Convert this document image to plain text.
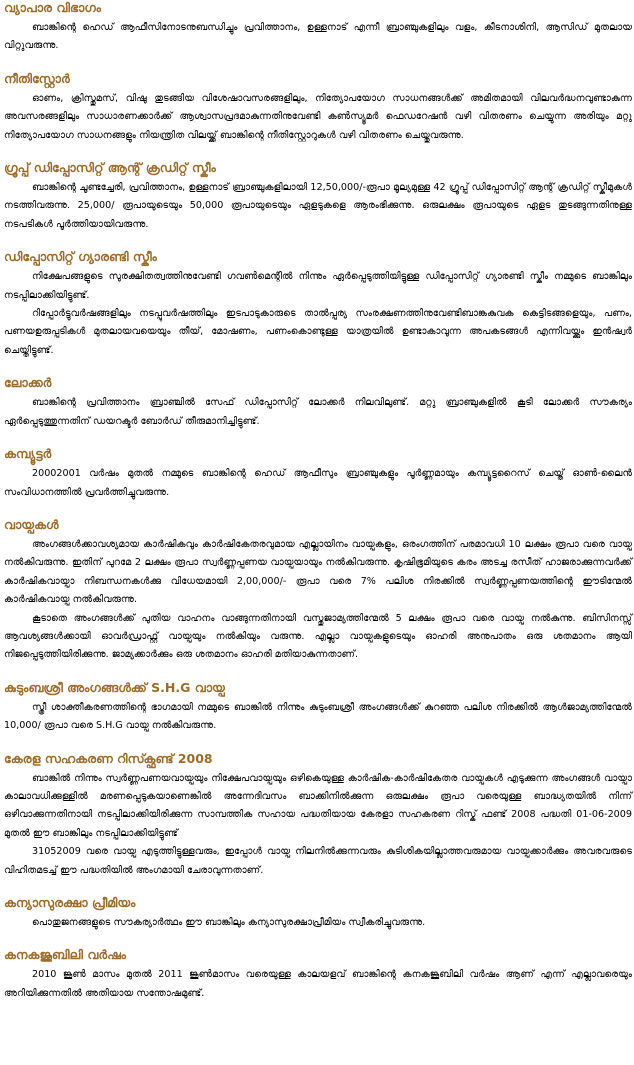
വ്യാപാര വിഭാഗം

ബാങ്കിന്റെ ഹെഡ് ആഫീസിനോടനുബന്ധിച്ചും പ്രവിത്താനം, ഉള്ളനാട് എന്നീ ബ്രാഞ്ചുകളിലും വളം, കീടനാശിനി, ആസിഡ് മുതലായ വിറ്റുവരുന്നു.

നീതിസ്റ്റോർ

ഓണം, ക്രിസ്തുമസ്, വിഷു തുടങ്ങിയ വിശേഷാവസരങ്ങളിലും, നിത്യോപയോഗ സാധനങ്ങൾക്ക് അമിതമായി വിലവർദ്ധനവുണ്ടാകുന്ന അവസരങ്ങളിലും സാധാരണക്കാർക്ക് ആശ്വാസപ്രദമാകുന്നതിനുവേണ്ടി കൺസ്യൂമർ ഫെഡറേഷൻ വഴി വിതരണം ചെയ്യുന്ന അരിയും മറ്റു നിത്യോപയോഗ സാധനങ്ങളും നിയന്ത്രിത വിലയ്ക്ക് ബാങ്കിന്റെ നീതിസ്റ്റോറുകൾ വഴി വിതരണം ചെയ്തുവരുന്നു.

ഗ്രൂപ്പ് ഡിപ്പോസിറ്റ് ആന്റ് ക്രഡിറ്റ് സ്കീം

ബാങ്കിന്റെ ചൂണ്ടച്ചേരി, പ്രവിത്താനം, ഉള്ളനാട് ബ്രാഞ്ചുകളിലായി 12,50,000/-രൂപാ മൂല്യമുള്ള 42 ഗ്രൂപ്പ് ഡിപ്പോസിറ്റ് ആന്റ് ക്രഡിറ്റ് സ്കീമുകൾ നടത്തിവരുന്നു. 25,000/ രൂപായുടെയും 50,000 രൂപായുടെയും ഏളടുകളെ ആരംഭിക്കുന്നു. ഒരുലക്ഷം രൂപായുടെ ഏളട തുടങ്ങുന്നതിനുള്ള നടപടികൾ പൂർത്തിയായിവരുന്നു.

ഡിപ്പോസിറ്റ് ഗ്യാരണ്ടി സ്കീം

നിക്ഷേപങ്ങളുടെ സുരക്ഷിതത്വത്തിനുവേണ്ടി ഗവൺമെന്റിൽ നിന്നും ഏർപ്പെടുത്തിയിട്ടുള്ള ഡിപ്പോസിറ്റ് ഗ്യാരണ്ടി സ്കീം നമ്മുടെ ബാങ്കിലും നടപ്പിലാക്കിയിട്ടുണ്ട്.

റിപ്പോർട്ടുവർഷങ്ങളിലും നടപ്പുവർഷത്തിലും ഇടപാടുകാരുടെ താൽപ്പര്യ സംരക്ഷണത്തിനുവേണ്ടിബാങ്കകുവക കെട്ടിടങ്ങളെയും, പണം, പണയഉരുപ്പടികൾ മുതലായവയെയും തീയ്, മോഷണം, പണംകൊണ്ടുള്ള യാത്രയിൽ ഉണ്ടാകാവുന്ന അപകടങ്ങൾ എന്നിവയ്ക്കും ഇൻഷ്വർ ചെയ്തിട്ടുണ്ട്.

ലോക്കർ

ബാങ്കിന്റെ പ്രവിത്താനം ബ്രാഞ്ചിൽ സേഫ് ഡിപ്പോസിറ്റ് ലോക്കർ നിലവിലുണ്ട്. മറ്റു ബ്രാഞ്ചുകളിൽ കൂടി ലോക്കർ സൗകര്യം ഏർപ്പെടുത്തുന്നതിന് ഡയറക്ടർ ബോർഡ് തീരുമാനിച്ചിട്ടുണ്ട്.

കമ്പ്യൂട്ടർ

20002001 വർഷം മുതൽ നമ്മുടെ ബാങ്കിന്റെ ഹെഡ് ആഫീസും ബ്രാഞ്ചുകളും പൂർണ്ണമായും കമ്പ്യൂട്ടറൈസ് ചെയ്ത് ഓൺ-ലൈൻ സംവിധാനത്തിൽ പ്രവർത്തിച്ചുവരുന്നു.

വായ്പകൾ

അംഗങ്ങൾക്കാവശ്യമായ കാർഷികവും കാർഷികേതരവുമായ എല്ലായിനം വായ്പകളും, ഒരംഗത്തിന് പരമാവധി 10 ലക്ഷം രൂപാ വരെ വായ്പ നൽകിവരുന്നു. ഇതിന് പുറമേ 2 ലക്ഷം രൂപാ സ്വർണ്ണപ്പണയ വായ്പയായും നൽകിവരുന്നു. കൃഷിഭൂമിയുടെ കരം അടച്ച രസീത് ഹാജരാക്കുന്നവർക്ക് കാർഷികവായ്പാ നിബന്ധനകൾക്കു വിധേയമായി 2,00,000/- രൂപാ വരെ 7% പലിശ നിരക്കിൽ സ്വർണ്ണപ്പണയത്തിന്റെ ഈടിന്മേൽ കാർഷികവായ്പ നൽകിവരുന്നു.

കൂടാതെ അംഗങ്ങൾക്ക് പുതിയ വാഹനം വാങ്ങുന്നതിനായി വസ്തുജാമ്യത്തിന്മേൽ 5 ലക്ഷം രൂപാ വരെ വായ്പ നൽകുന്നു. ബിസിനസ്സ് ആവശ്യങ്ങൾക്കായി ഓവർഡ്രാഫ്റ്റ് വായ്പയും നൽകിയും വരുന്നു. എല്ലാ വായ്പകളുടെയും ഓഹരി അനുപാതം ഒരു ശതമാനം ആയി നിജപ്പെടുത്തിയിരിക്കുന്നു. ജാമ്യക്കാർക്കും ഒരു ശതമാനം ഓഹരി മതിയാകുന്നതാണ്.

കുടുംബശ്രീ അംഗങ്ങൾക്ക് S.H.G വായ്പ

സ്ത്രീ ശാക്തീകരണത്തിന്റെ ഭാഗമായി നമ്മുടെ ബാങ്കിൽ നിന്നും കുടുംബശ്രീ അംഗങ്ങൾക്ക് കുറഞ്ഞ പലിശ നിരക്കിൽ ആൾജാമ്യത്തിന്മേൽ 10,000/ രൂപാ വരെ S.H.G വായ്പ നൽകിവരുന്നു.

കേരള സഹകരണ റിസ്ക്ഫണ്ട് 2008

ബാങ്കിൽ നിന്നും സ്വർണ്ണപണയവായ്പയും നിക്ഷേപവായ്പയും ഒഴികെയുള്ള കാർഷിക-കാർഷികേതര വായ്പകൾ എടുക്കുന്ന അംഗങ്ങൾ വായ്പാ കാലാവധിക്കുള്ളിൽ മരണപ്പെടുകയാണെങ്കിൽ അന്നേദിവസം ബാക്കിനിൽക്കുന്ന ഒരുലക്ഷം രൂപാ വരെയുള്ള ബാദ്ധ്യതയിൽ നിന്ന് ഒഴിവാക്കുന്നതിനായി നടപ്പിലാക്കിയിരിക്കുന്ന സാമ്പത്തിക സഹായ പദ്ധതിയായ കേരളാ സഹകരണ റിസ്ക് ഫണ്ട് 2008 പദ്ധതി 01-06-2009 മുതൽ ഈ ബാങ്കിലും നടപ്പിലാക്കിയിട്ടുണ്ട്

31052009 വരെ വായ്പ എടുത്തിട്ടുള്ളവരും, ഇപ്പോൾ വായ്പ നിലനിൽക്കുന്നവരും കുടിശികയില്ലാത്തവരുമായ വായ്പക്കാർക്കും അവരവരുടെ വിഹിതമടച്ച് ഈ പദ്ധതിയിൽ അംഗമായി ചേരാവുന്നതാണ്.

കന്യാസുരക്ഷാ പ്രീമിയം

പൊതുജനങ്ങളുടെ സൗകര്യാർത്ഥം ഈ ബാങ്കിലും കന്യാസുരക്ഷാപ്രീമിയം സ്വീകരിച്ചുവരുന്നു.

കനകജൂബിലി വർഷം

2010 ജൂൺ മാസം മുതൽ 2011 ജൂൺമാസം വരെയുള്ള കാലയളവ് ബാങ്കിന്റെ കനകജൂബിലി വർഷം ആണ് എന്ന് എല്ലാവരെയും അറിയിക്കുന്നതിൽ അതിയായ സന്തോഷമുണ്ട്.
